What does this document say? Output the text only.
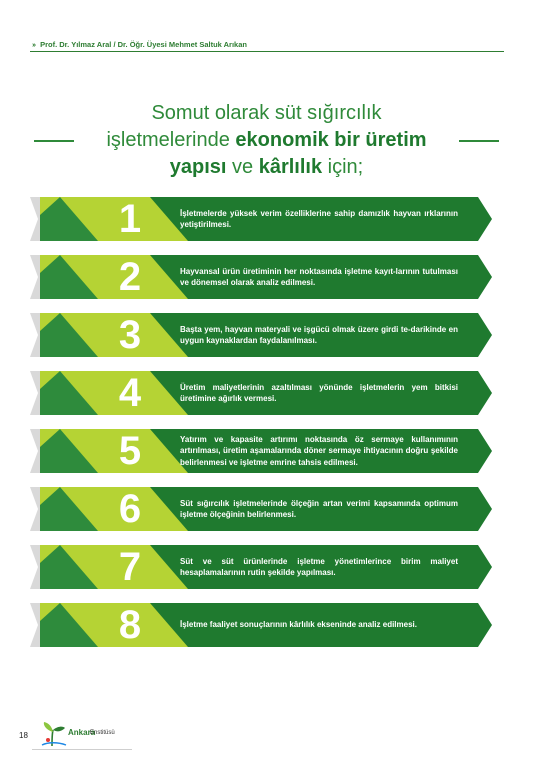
›› Prof. Dr. Yılmaz Aral / Dr. Öğr. Üyesi Mehmet Saltuk Arıkan
Somut olarak süt sığırcılık
işletmelerinde ekonomik bir üretim
yapısı ve kârlılık için;
1	İşletmelerde yüksek verim özelliklerine sahip damızlık hayvan ırklarının yetiştirilmesi.
2	Hayvansal ürün üretiminin her noktasında işletme kayıt-larının tutulması ve dönemsel olarak analiz edilmesi.
3	Başta yem, hayvan materyali ve işgücü olmak üzere girdi te-darikinde en uygun kaynaklardan faydalanılması.
4	Üretim maliyetlerinin azaltılması yönünde işletmelerin yem bitkisi üretimine ağırlık vermesi.
5	Yatırım ve kapasite artırımı noktasında öz sermaye kullanımının artırılması, üretim aşamalarında döner sermaye ihtiyacının doğru şekilde belirlenmesi ve işletme emrine tahsis edilmesi.
6	Süt sığırcılık işletmelerinde ölçeğin artan verimi kapsamında optimum işletme ölçeğinin belirlenmesi.
7	Süt ve süt ürünlerinde işletme yönetimlerince birim maliyet hesaplamalarının rutin şekilde yapılması.
8	İşletme faaliyet sonuçlarının kârlılık ekseninde analiz edilmesi.
18	Ankara
Enstitüsü
